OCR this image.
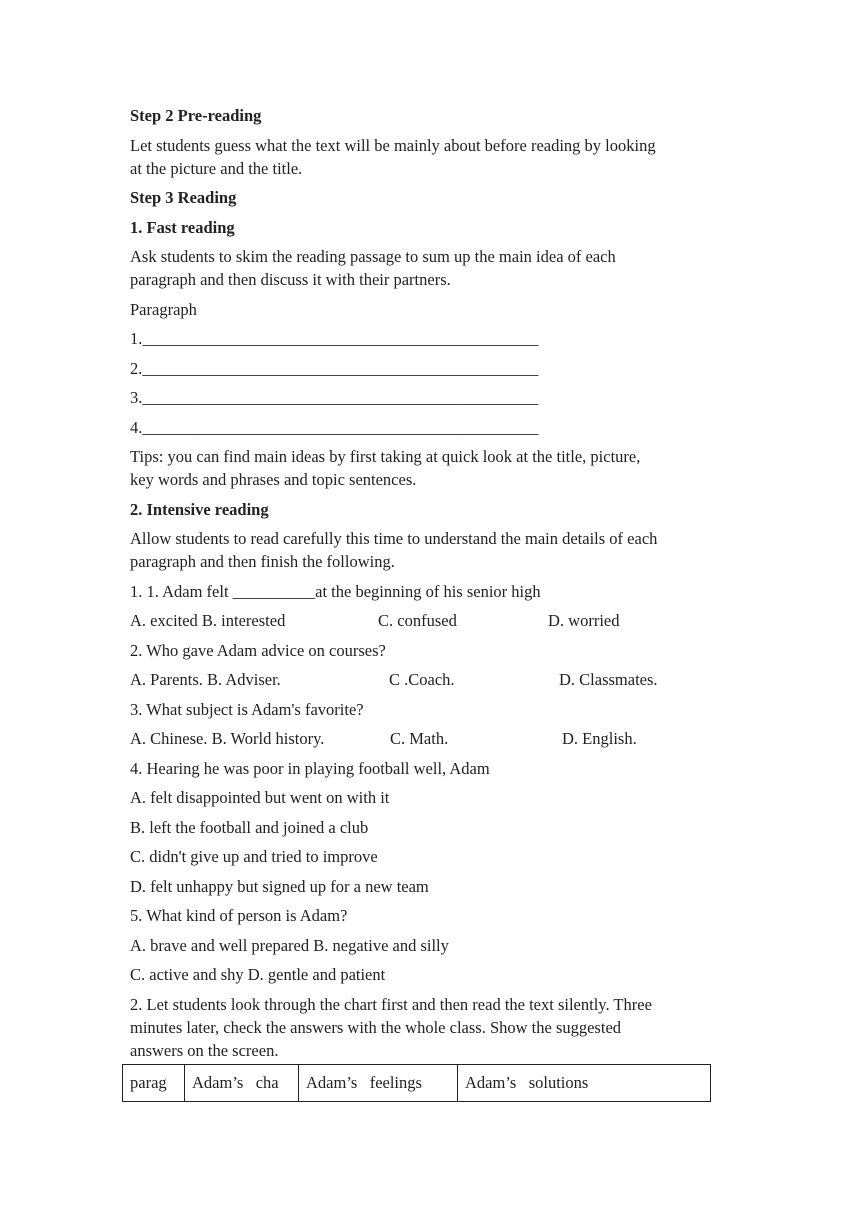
Step 2 Pre-reading

Let students guess what the text will be mainly about before reading by looking

at the picture and the title.

Step 3 Reading

1. Fast reading

Ask students to skim the reading passage to sum up the main idea of each

paragraph and then discuss it with their partners.

Paragraph

1.________________________________________________

2.________________________________________________

3.________________________________________________

4.________________________________________________

Tips: you can find main ideas by first taking at quick look at the title, picture,

key words and phrases and topic sentences.

2. Intensive reading

Allow students to read carefully this time to understand the main details of each

paragraph and then finish the following.

1. 1. Adam felt __________at the beginning of his senior high

A. excited B. interested	C. confused	D. worried

2. Who gave Adam advice on courses?

A. Parents. B. Adviser.	C .Coach.	D. Classmates.

3. What subject is Adam's favorite?

A. Chinese. B. World history.	C. Math.	D. English.

4. Hearing he was poor in playing football well, Adam

A. felt disappointed but went on with it

B. left the football and joined a club

C. didn't give up and tried to improve

D. felt unhappy but signed up for a new team

5. What kind of person is Adam?

A. brave and well prepared B. negative and silly

C. active and shy D. gentle and patient

2. Let students look through the chart first and then read the text silently. Three

minutes later, check the answers with the whole class. Show the suggested

answers on the screen.

parag	Adam’s   cha	Adam’s   feelings	Adam’s   solutions
